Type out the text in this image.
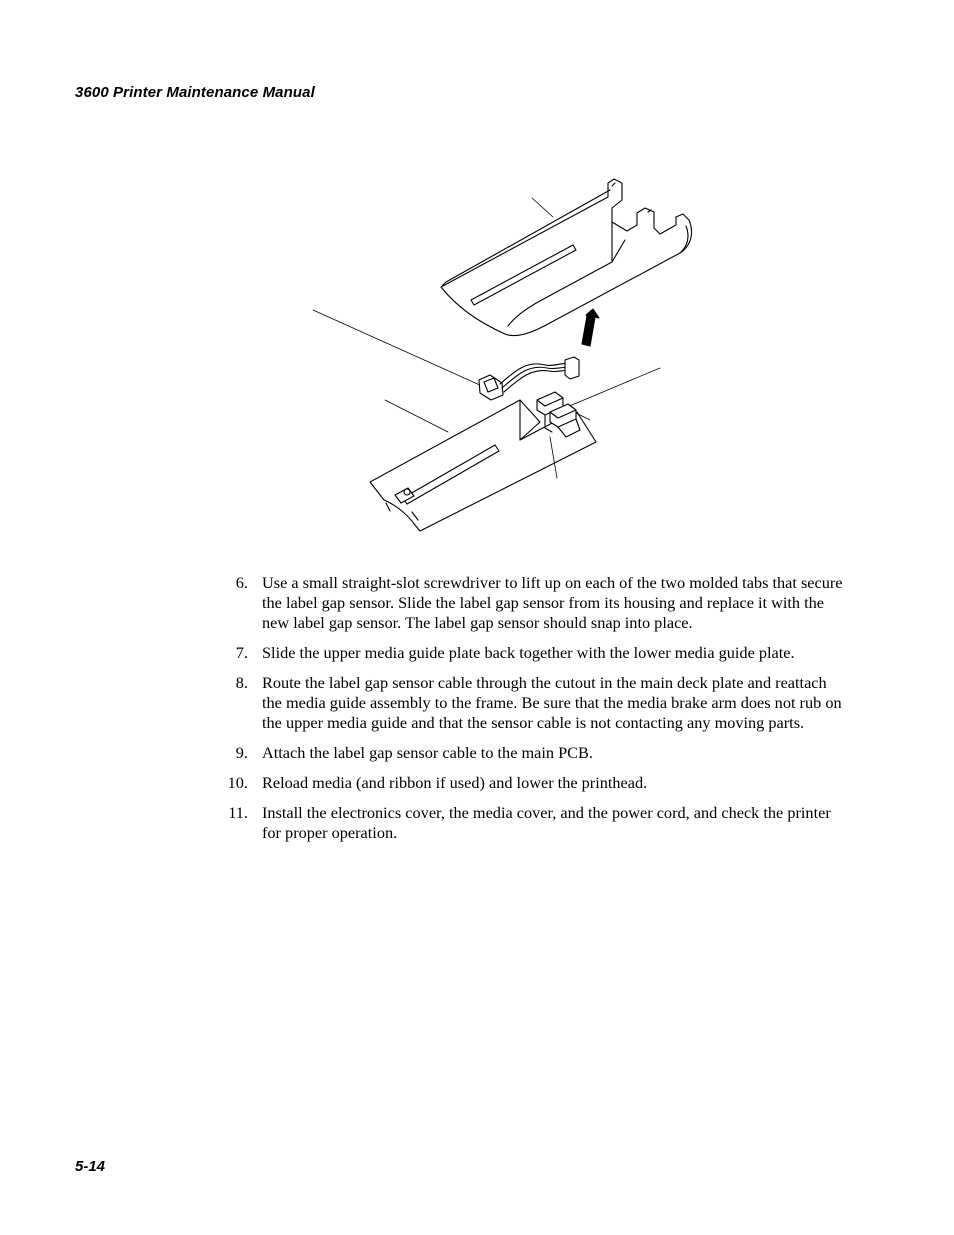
3600 Printer Maintenance Manual
6. Use a small straight-slot screwdriver to lift up on each of the two molded tabs that secure the label gap sensor. Slide the label gap sensor from its housing and replace it with the new label gap sensor. The label gap sensor should snap into place.
7. Slide the upper media guide plate back together with the lower media guide plate.
8. Route the label gap sensor cable through the cutout in the main deck plate and reattach the media guide assembly to the frame. Be sure that the media brake arm does not rub on the upper media guide and that the sensor cable is not contacting any moving parts.
9. Attach the label gap sensor cable to the main PCB.
10. Reload media (and ribbon if used) and lower the printhead.
11. Install the electronics cover, the media cover, and the power cord, and check the printer for proper operation.
5-14
